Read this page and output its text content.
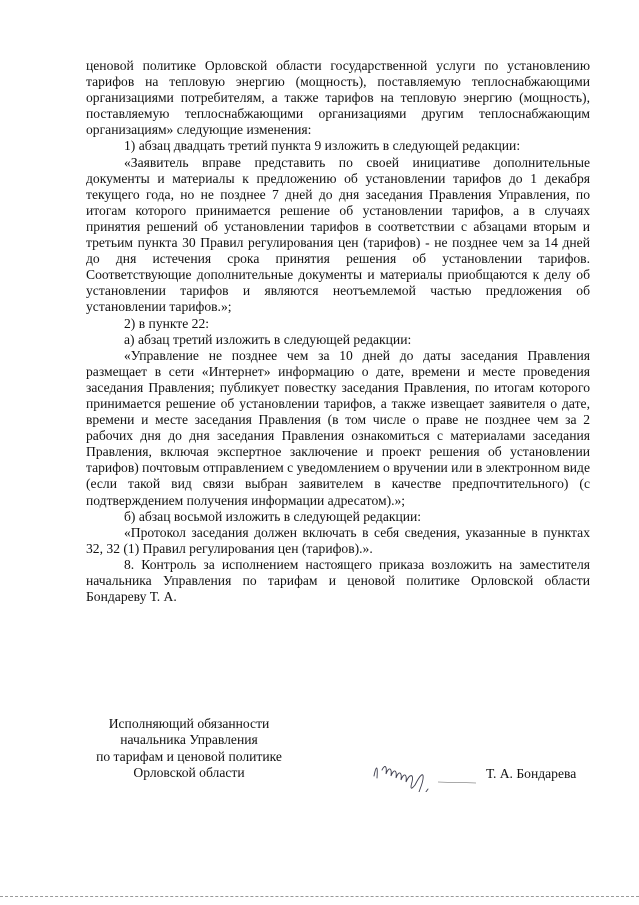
ценовой политике Орловской области государственной услуги по установлению тарифов на тепловую энергию (мощность), поставляемую теплоснабжающими организациями потребителям, а также тарифов на тепловую энергию (мощность), поставляемую теплоснабжающими организациями другим теплоснабжающим организациям» следующие изменения:

1) абзац двадцать третий пункта 9 изложить в следующей редакции:

«Заявитель вправе представить по своей инициативе дополнительные документы и материалы к предложению об установлении тарифов до 1 декабря текущего года, но не позднее 7 дней до дня заседания Правления Управления, по итогам которого принимается решение об установлении тарифов, а в случаях принятия решений об установлении тарифов в соответствии с абзацами вторым и третьим пункта 30 Правил регулирования цен (тарифов) - не позднее чем за 14 дней до дня истечения срока принятия решения об установлении тарифов. Соответствующие дополнительные документы и материалы приобщаются к делу об установлении тарифов и являются неотъемлемой частью предложения об установлении тарифов.»;

2) в пункте 22:

а) абзац третий изложить в следующей редакции:

«Управление не позднее чем за 10 дней до даты заседания Правления размещает в сети «Интернет» информацию о дате, времени и месте проведения заседания Правления; публикует повестку заседания Правления, по итогам которого принимается решение об установлении тарифов, а также извещает заявителя о дате, времени и месте заседания Правления (в том числе о праве не позднее чем за 2 рабочих дня до дня заседания Правления ознакомиться с материалами заседания Правления, включая экспертное заключение и проект решения об установлении тарифов) почтовым отправлением с уведомлением о вручении или в электронном виде (если такой вид связи выбран заявителем в качестве предпочтительного) (с подтверждением получения информации адресатом).»;

б) абзац восьмой изложить в следующей редакции:

«Протокол заседания должен включать в себя сведения, указанные в пунктах 32, 32 (1) Правил регулирования цен (тарифов).».

8. Контроль за исполнением настоящего приказа возложить на заместителя начальника Управления по тарифам и ценовой политике Орловской области Бондареву Т. А.

Исполняющий обязанности
начальника Управления
по тарифам и ценовой политике
Орловской области	Т. А. Бондарева
